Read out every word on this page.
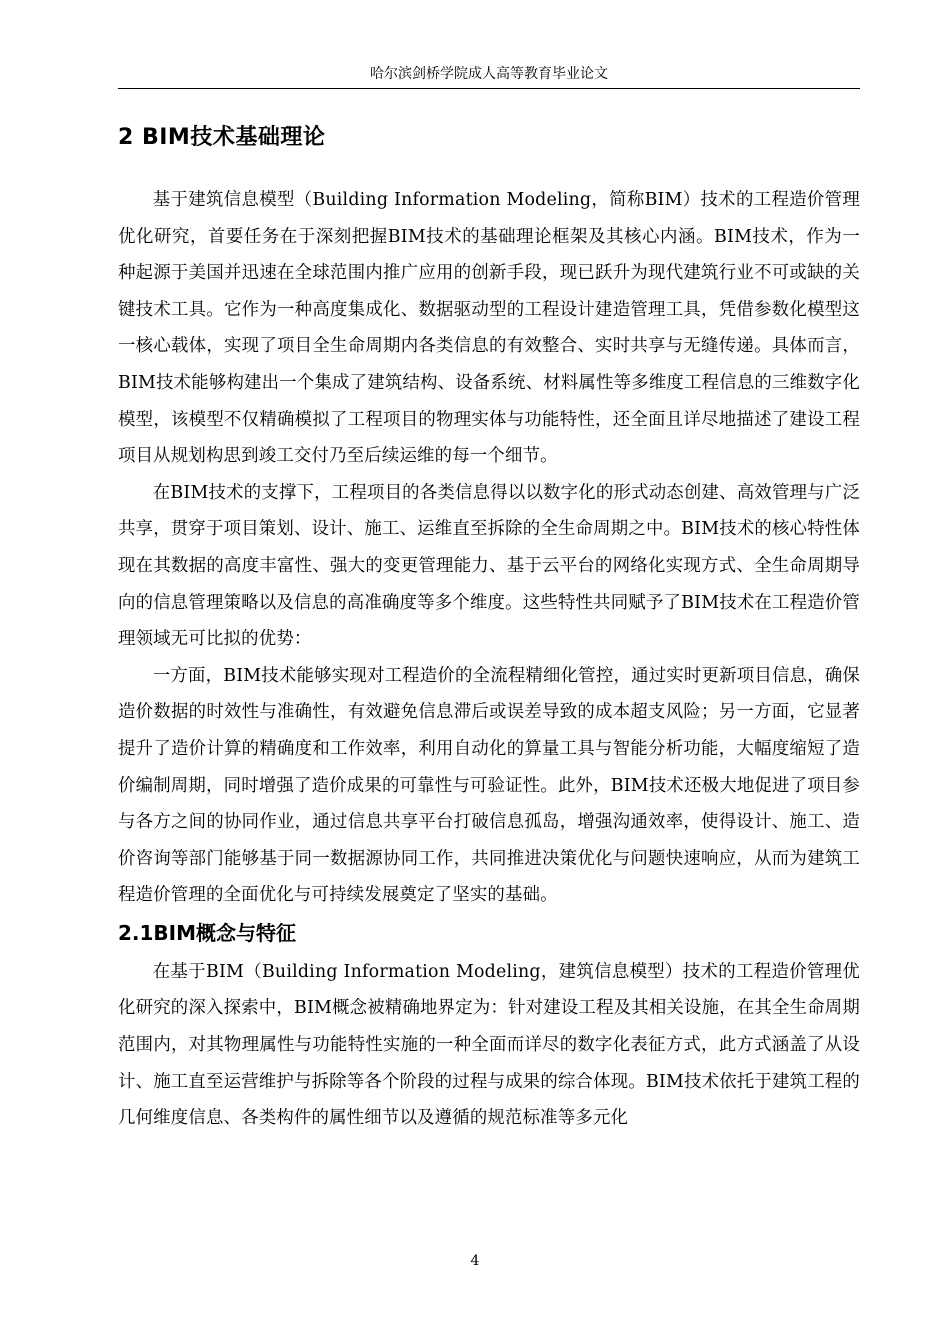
哈尔滨剑桥学院成人高等教育毕业论文
2 BIM技术基础理论

基于建筑信息模型（Building Information Modeling，简称BIM）技术的工程造价管理优化研究，首要任务在于深刻把握BIM技术的基础理论框架及其核心内涵。BIM技术，作为一种起源于美国并迅速在全球范围内推广应用的创新手段，现已跃升为现代建筑行业不可或缺的关键技术工具。它作为一种高度集成化、数据驱动型的工程设计建造管理工具，凭借参数化模型这一核心载体，实现了项目全生命周期内各类信息的有效整合、实时共享与无缝传递。具体而言，BIM技术能够构建出一个集成了建筑结构、设备系统、材料属性等多维度工程信息的三维数字化模型，该模型不仅精确模拟了工程项目的物理实体与功能特性，还全面且详尽地描述了建设工程项目从规划构思到竣工交付乃至后续运维的每一个细节。

在BIM技术的支撑下，工程项目的各类信息得以以数字化的形式动态创建、高效管理与广泛共享，贯穿于项目策划、设计、施工、运维直至拆除的全生命周期之中。BIM技术的核心特性体现在其数据的高度丰富性、强大的变更管理能力、基于云平台的网络化实现方式、全生命周期导向的信息管理策略以及信息的高准确度等多个维度。这些特性共同赋予了BIM技术在工程造价管理领域无可比拟的优势：

一方面，BIM技术能够实现对工程造价的全流程精细化管控，通过实时更新项目信息，确保造价数据的时效性与准确性，有效避免信息滞后或误差导致的成本超支风险；另一方面，它显著提升了造价计算的精确度和工作效率，利用自动化的算量工具与智能分析功能，大幅度缩短了造价编制周期，同时增强了造价成果的可靠性与可验证性。此外，BIM技术还极大地促进了项目参与各方之间的协同作业，通过信息共享平台打破信息孤岛，增强沟通效率，使得设计、施工、造价咨询等部门能够基于同一数据源协同工作，共同推进决策优化与问题快速响应，从而为建筑工程造价管理的全面优化与可持续发展奠定了坚实的基础。

2.1BIM概念与特征

在基于BIM（Building Information Modeling，建筑信息模型）技术的工程造价管理优化研究的深入探索中，BIM概念被精确地界定为：针对建设工程及其相关设施，在其全生命周期范围内，对其物理属性与功能特性实施的一种全面而详尽的数字化表征方式，此方式涵盖了从设计、施工直至运营维护与拆除等各个阶段的过程与成果的综合体现。BIM技术依托于建筑工程的几何维度信息、各类构件的属性细节以及遵循的规范标准等多元化

4
